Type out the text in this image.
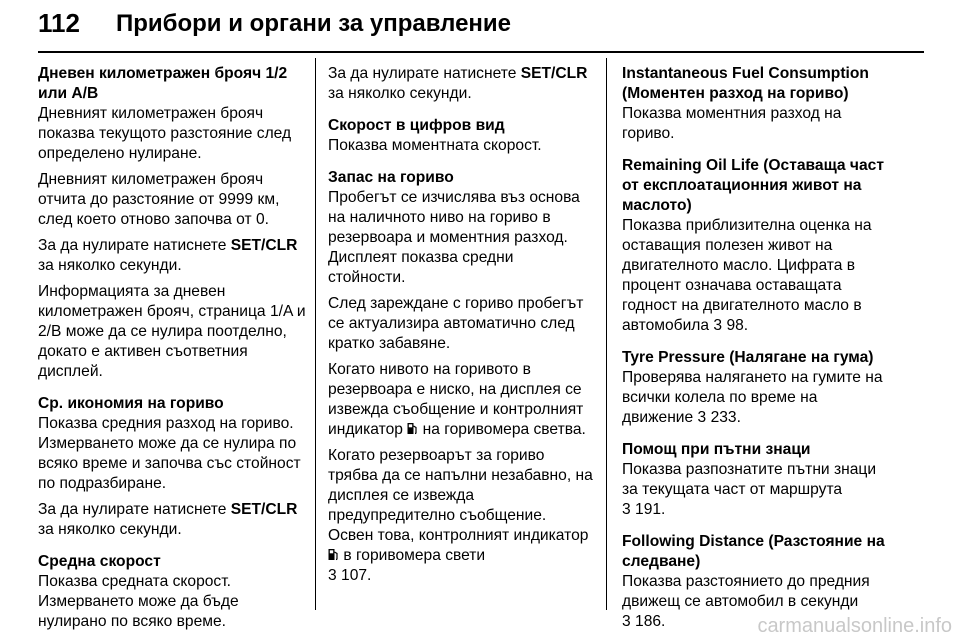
112 Прибори и органи за управление

Дневен километражен брояч 1/2 или A/B

Дневният километражен брояч показва текущото разстояние след определено нулиране.

Дневният километражен брояч отчита до разстояние от 9999 км, след което отново започва от 0.

За да нулирате натиснете SET/CLR за няколко секунди.

Информацията за дневен километражен брояч, страница 1/A и 2/B може да се нулира поотделно, докато е активен съответния дисплей.

Ср. икономия на гориво

Показва средния разход на гориво. Измерването може да се нулира по всяко време и започва със стойност по подразбиране.

За да нулирате натиснете SET/CLR за няколко секунди.

Средна скорост

Показва средната скорост. Измерването може да бъде нулирано по всяко време.

За да нулирате натиснете SET/CLR за няколко секунди.

Скорост в цифров вид

Показва моментната скорост.

Запас на гориво

Пробегът се изчислява въз основа на наличното ниво на гориво в резервоара и моментния разход. Дисплеят показва средни стойности.

След зареждане с гориво пробегът се актуализира автоматично след кратко забавяне.

Когато нивото на горивото в резервоара е ниско, на дисплея се извежда съобщение и контролният индикатор на горивомера светва.

Когато резервоарът за гориво трябва да се напълни незабавно, на дисплея се извежда предупредително съобщение. Освен това, контролният индикатор  в горивомера свети
3 107.

Instantaneous Fuel Consumption (Моментен разход на гориво)

Показва моментния разход на гориво.

Remaining Oil Life (Оставаща част от експлоатационния живот на маслото)

Показва приблизителна оценка на оставащия полезен живот на двигателното масло. Цифрата в процент означава оставащата годност на двигателното масло в автомобила 3 98.

Tyre Pressure (Налягане на гума)

Проверява налягането на гумите на всички колела по време на движение 3 233.

Помощ при пътни знаци

Показва разпознатите пътни знаци за текущата част от маршрута
3 191.

Following Distance (Разстояние на следване)

Показва разстоянието до предния движещ се автомобил в секунди
3 186.	carmanualsonline.info
